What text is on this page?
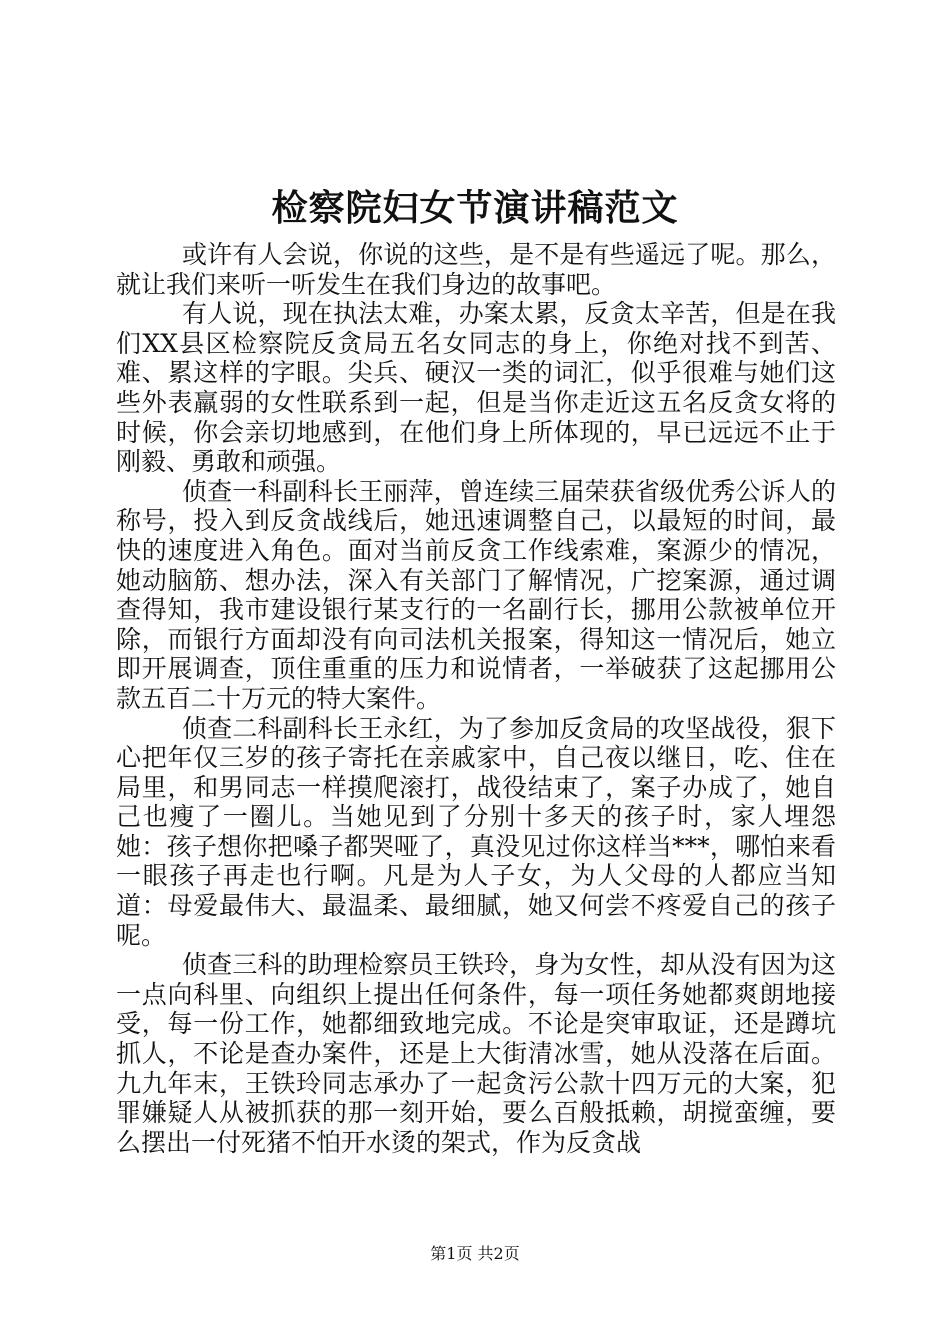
检察院妇女节演讲稿范文

或许有人会说，你说的这些，是不是有些遥远了呢。那么，就让我们来听一听发生在我们身边的故事吧。

有人说，现在执法太难，办案太累，反贪太辛苦，但是在我们XX县区检察院反贪局五名女同志的身上，你绝对找不到苦、难、累这样的字眼。尖兵、硬汉一类的词汇，似乎很难与她们这些外表羸弱的女性联系到一起，但是当你走近这五名反贪女将的时候，你会亲切地感到，在他们身上所体现的，早已远远不止于刚毅、勇敢和顽强。

侦查一科副科长王丽萍，曾连续三届荣获省级优秀公诉人的称号，投入到反贪战线后，她迅速调整自己，以最短的时间，最快的速度进入角色。面对当前反贪工作线索难，案源少的情况，她动脑筋、想办法，深入有关部门了解情况，广挖案源，通过调查得知，我市建设银行某支行的一名副行长，挪用公款被单位开除，而银行方面却没有向司法机关报案，得知这一情况后，她立即开展调查，顶住重重的压力和说情者，一举破获了这起挪用公款五百二十万元的特大案件。

侦查二科副科长王永红，为了参加反贪局的攻坚战役，狠下心把年仅三岁的孩子寄托在亲戚家中，自己夜以继日，吃、住在局里，和男同志一样摸爬滚打，战役结束了，案子办成了，她自己也瘦了一圈儿。当她见到了分别十多天的孩子时，家人埋怨她：孩子想你把嗓子都哭哑了，真没见过你这样当***，哪怕来看一眼孩子再走也行啊。凡是为人子女，为人父母的人都应当知道：母爱最伟大、最温柔、最细腻，她又何尝不疼爱自己的孩子呢。

侦查三科的助理检察员王铁玲，身为女性，却从没有因为这一点向科里、向组织上提出任何条件，每一项任务她都爽朗地接受，每一份工作，她都细致地完成。不论是突审取证，还是蹲坑抓人，不论是查办案件，还是上大街清冰雪，她从没落在后面。九九年末，王铁玲同志承办了一起贪污公款十四万元的大案，犯罪嫌疑人从被抓获的那一刻开始，要么百般抵赖，胡搅蛮缠，要么摆出一付死猪不怕开水烫的架式，作为反贪战

第1页 共2页
